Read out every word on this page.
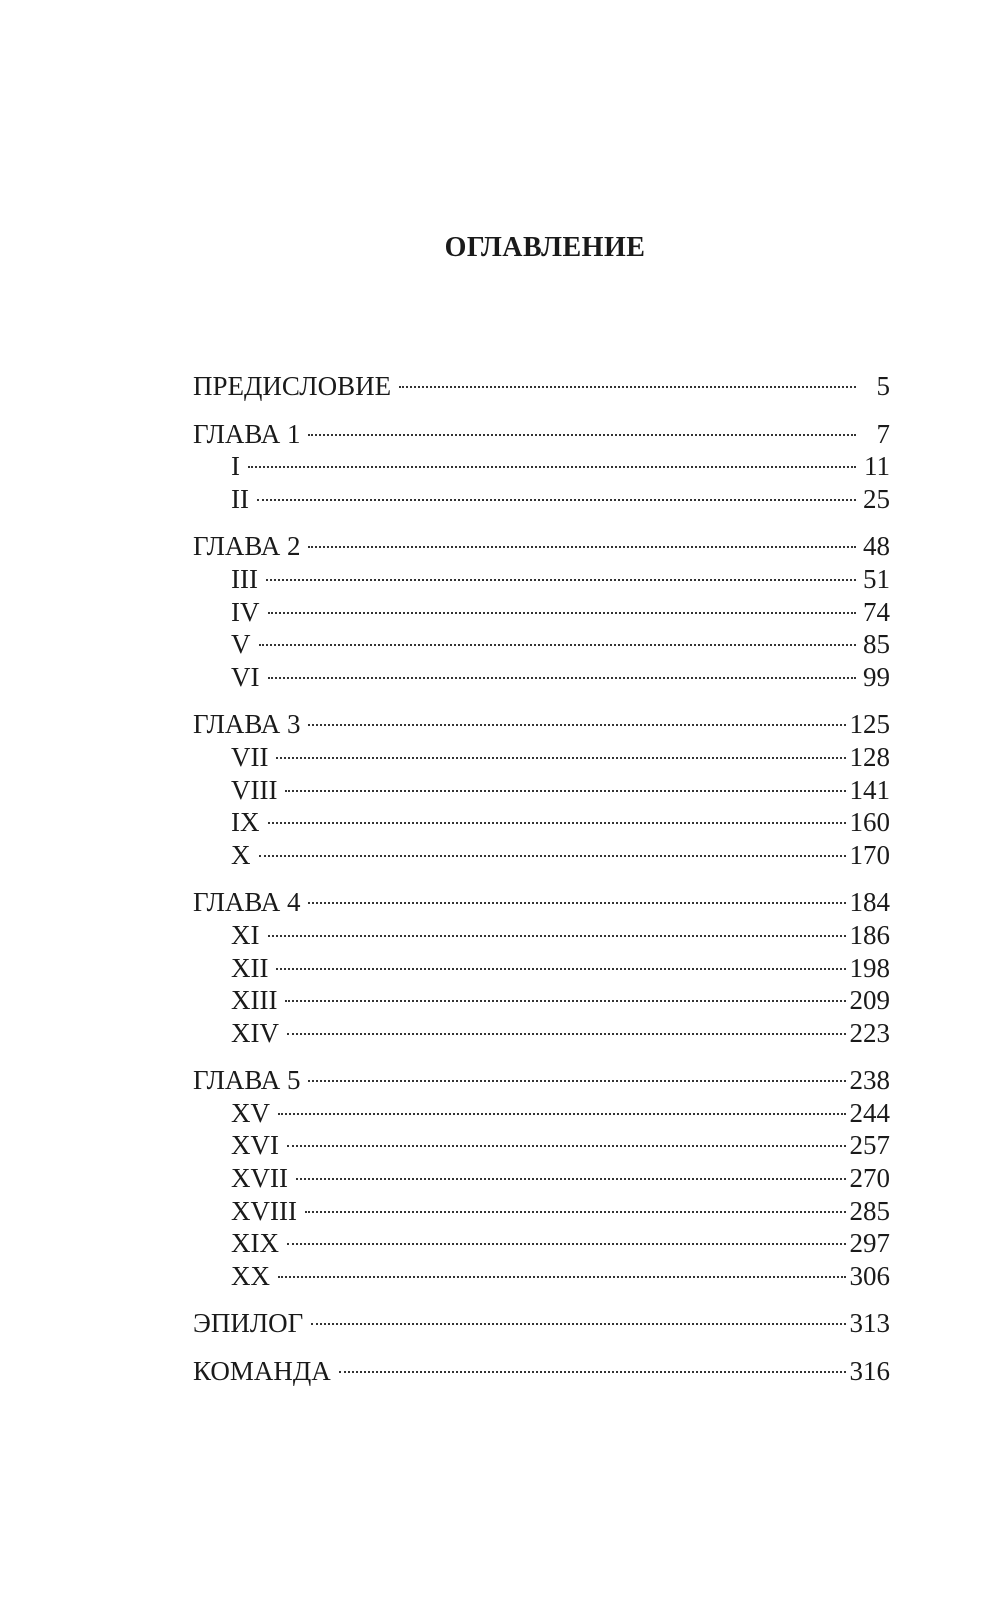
ОГЛАВЛЕНИЕ
ПРЕДИСЛОВИЕ	5
ГЛАВА 1	7
I	11
II	25
ГЛАВА 2	48
III	51
IV	74
V	85
VI	99
ГЛАВА 3	125
VII	128
VIII	141
IX	160
X	170
ГЛАВА 4	184
XI	186
XII	198
XIII	209
XIV	223
ГЛАВА 5	238
XV	244
XVI	257
XVII	270
XVIII	285
XIX	297
XX	306
ЭПИЛОГ	313
КОМАНДА	316
